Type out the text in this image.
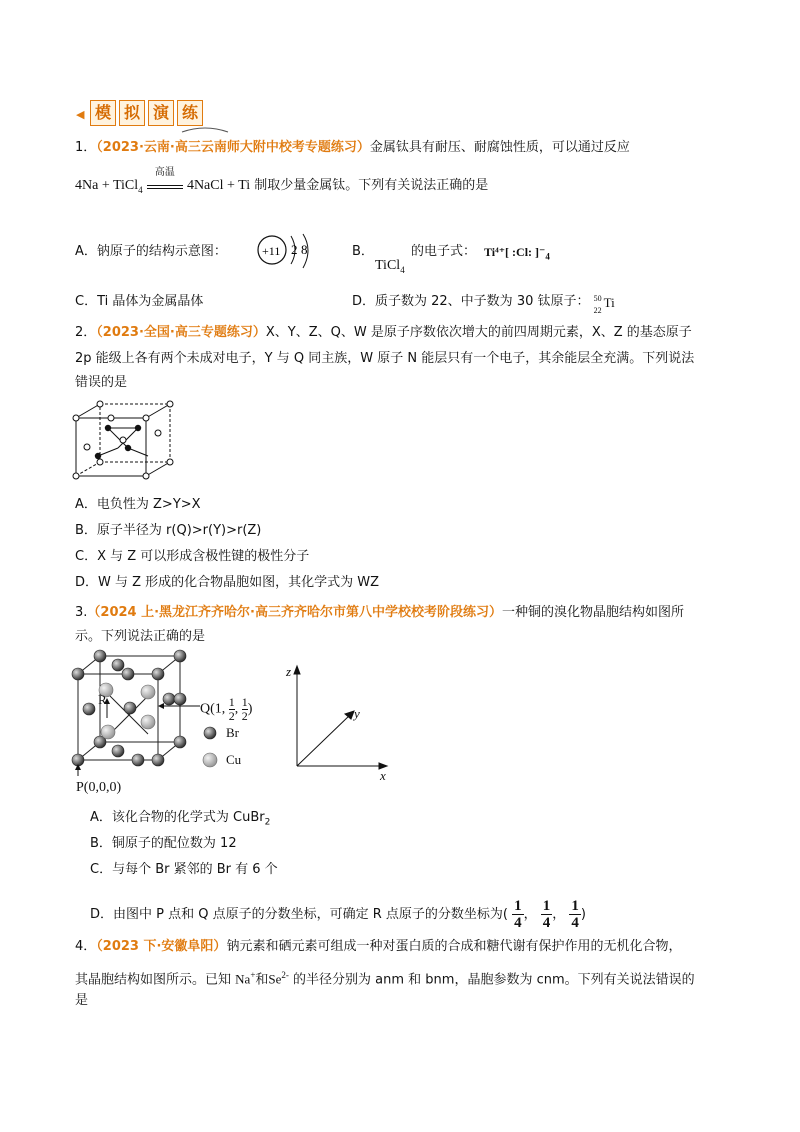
◀ 模 拟 演 练
1．（2023·云南·高三云南师大附中校考专题练习）金属钛具有耐压、耐腐蚀性质，可以通过反应
4Na + TiCl$_4$
高温
4NaCl + Ti 制取少量金属钛。下列有关说法正确的是
A．钠原子的结构示意图：	+11 2 8	B．
TiCl$_4$
的电子式： Ti⁴⁺[ :Cl: ]$^-_4$
C．Ti 晶体为金属晶体	D．质子数为 22、中子数为 30 钛原子： 50
22
Ti
2．（2023·全国·高三专题练习）X、Y、Z、Q、W 是原子序数依次增大的前四周期元素，X、Z 的基态原子
2p 能级上各有两个未成对电子，Y 与 Q 同主族，W 原子 N 能层只有一个电子，其余能层全充满。下列说法
错误的是
A．电负性为 Z>Y>X
B．原子半径为 r(Q)>r(Y)>r(Z)
C．X 与 Z 可以形成含极性键的极性分子
D．W 与 Z 形成的化合物晶胞如图，其化学式为 WZ
3.（2024 上·黑龙江齐齐哈尔·高三齐齐哈尔市第八中学校校考阶段练习）一种铜的溴化物晶胞结构如图所
示。下列说法正确的是
R
Q(1, $\frac{1}{2}$ , $\frac{1}{2}$ )
Br
Cu
P(0,0,0)
z
y
x
A．该化合物的化学式为 CuBr$_2$
B．铜原子的配位数为 12
C．与每个 Br 紧邻的 Br 有 6 个
D．由图中 P 点和 Q 点原子的分数坐标，可确定 R 点原子的分数坐标为( $\frac{1}{4}$ ， $\frac{1}{4}$ ， $\frac{1}{4}$ )
4．（2023 下·安徽阜阳）钠元素和硒元素可组成一种对蛋白质的合成和糖代谢有保护作用的无机化合物，
其晶胞结构如图所示。已知 Na+和$Se^{2-}$ 的半径分别为 anm 和 bnm，晶胞参数为 cnm。下列有关说法错误的
是
